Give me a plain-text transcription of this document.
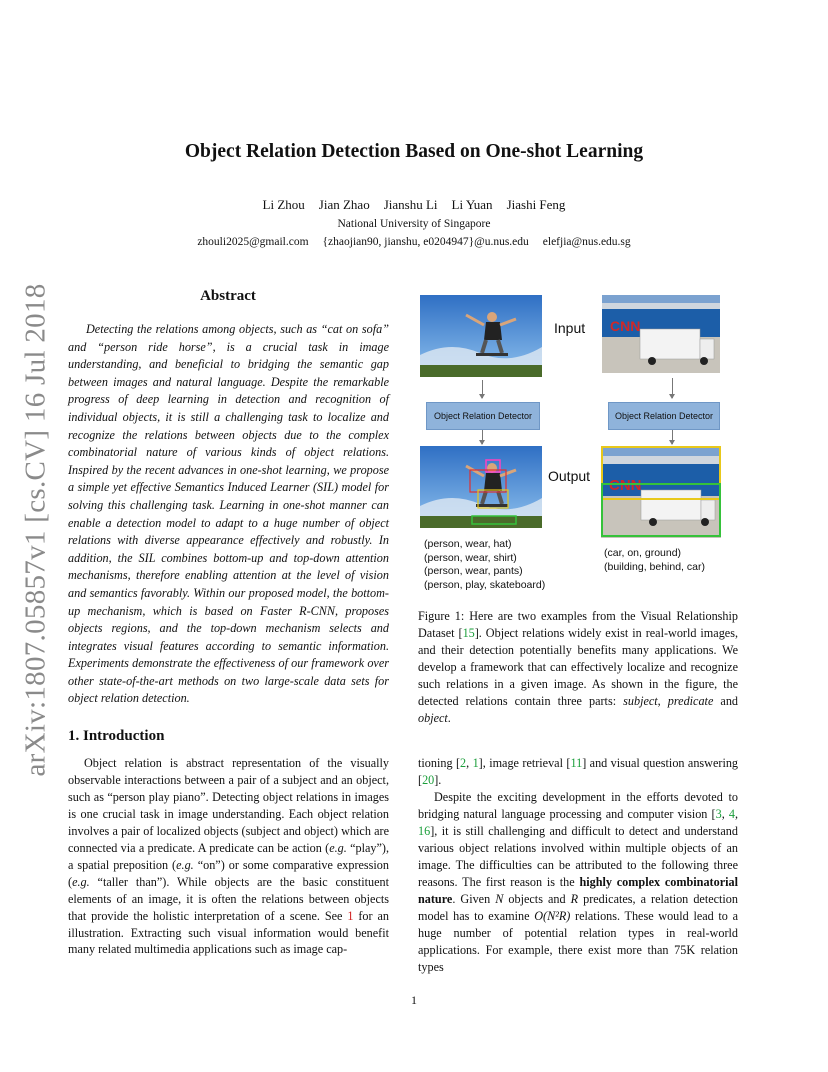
arXiv:1807.05857v1 [cs.CV] 16 Jul 2018
Object Relation Detection Based on One-shot Learning
Li Zhou Jian Zhao Jianshu Li Li Yuan Jiashi Feng
National University of Singapore
zhouli2025@gmail.com {zhaojian90, jianshu, e0204947}@u.nus.edu elefjia@nus.edu.sg
Abstract
Detecting the relations among objects, such as “cat on sofa” and “person ride horse”, is a crucial task in image understanding, and beneficial to bridging the semantic gap between images and natural language. Despite the remarkable progress of deep learning in detection and recognition of individual objects, it is still a challenging task to localize and recognize the relations between objects due to the complex combinatorial nature of various kinds of object relations. Inspired by the recent advances in one-shot learning, we propose a simple yet effective Semantics Induced Learner (SIL) model for solving this challenging task. Learning in one-shot manner can enable a detection model to adapt to a huge number of object relations with diverse appearance effectively and robustly. In addition, the SIL combines bottom-up and top-down attention mechanisms, therefore enabling attention at the level of vision and semantics favorably. Within our proposed model, the bottom-up mechanism, which is based on Faster R-CNN, proposes objects regions, and the top-down mechanism selects and integrates visual features according to semantic information. Experiments demonstrate the effectiveness of our framework over other state-of-the-art methods on two large-scale data sets for object relation detection.
CNN
Input
Object Relation Detector	Object Relation Detector
CNN
Output
(person, wear, hat)
(person, wear, shirt)
(person, wear, pants)
(person, play, skateboard)
(car, on, ground)
(building, behind, car)
Figure 1: Here are two examples from the Visual Relationship Dataset [15]. Object relations widely exist in real-world images, and their detection potentially benefits many applications. We develop a framework that can effectively localize and recognize such relations in a given image. As shown in the figure, the detected relations contain three parts: subject, predicate and object.
1. Introduction
Object relation is abstract representation of the visually observable interactions between a pair of a subject and an object, such as “person play piano”. Detecting object relations in images is one crucial task in image understanding. Each object relation involves a pair of localized objects (subject and object) which are connected via a predicate. A predicate can be action (e.g. “play”), a spatial preposition (e.g. “on”) or some comparative expression (e.g. “taller than”). While objects are the basic constituent elements of an image, it is often the relations between objects that provide the holistic interpretation of a scene. See 1 for an illustration. Extracting such visual information would benefit many related multimedia applications such as image cap-
tioning [2, 1], image retrieval [11] and visual question answering [20].
Despite the exciting development in the efforts devoted to bridging natural language processing and computer vision [3, 4, 16], it is still challenging and difficult to detect and understand various object relations involved within multiple objects of an image. The difficulties can be attributed to the following three reasons. The first reason is the highly complex combinatorial nature. Given N objects and R predicates, a relation detection model has to examine O(N²R) relations. These would lead to a huge number of potential relation types in real-world applications. For example, there exist more than 75K relation types
1
